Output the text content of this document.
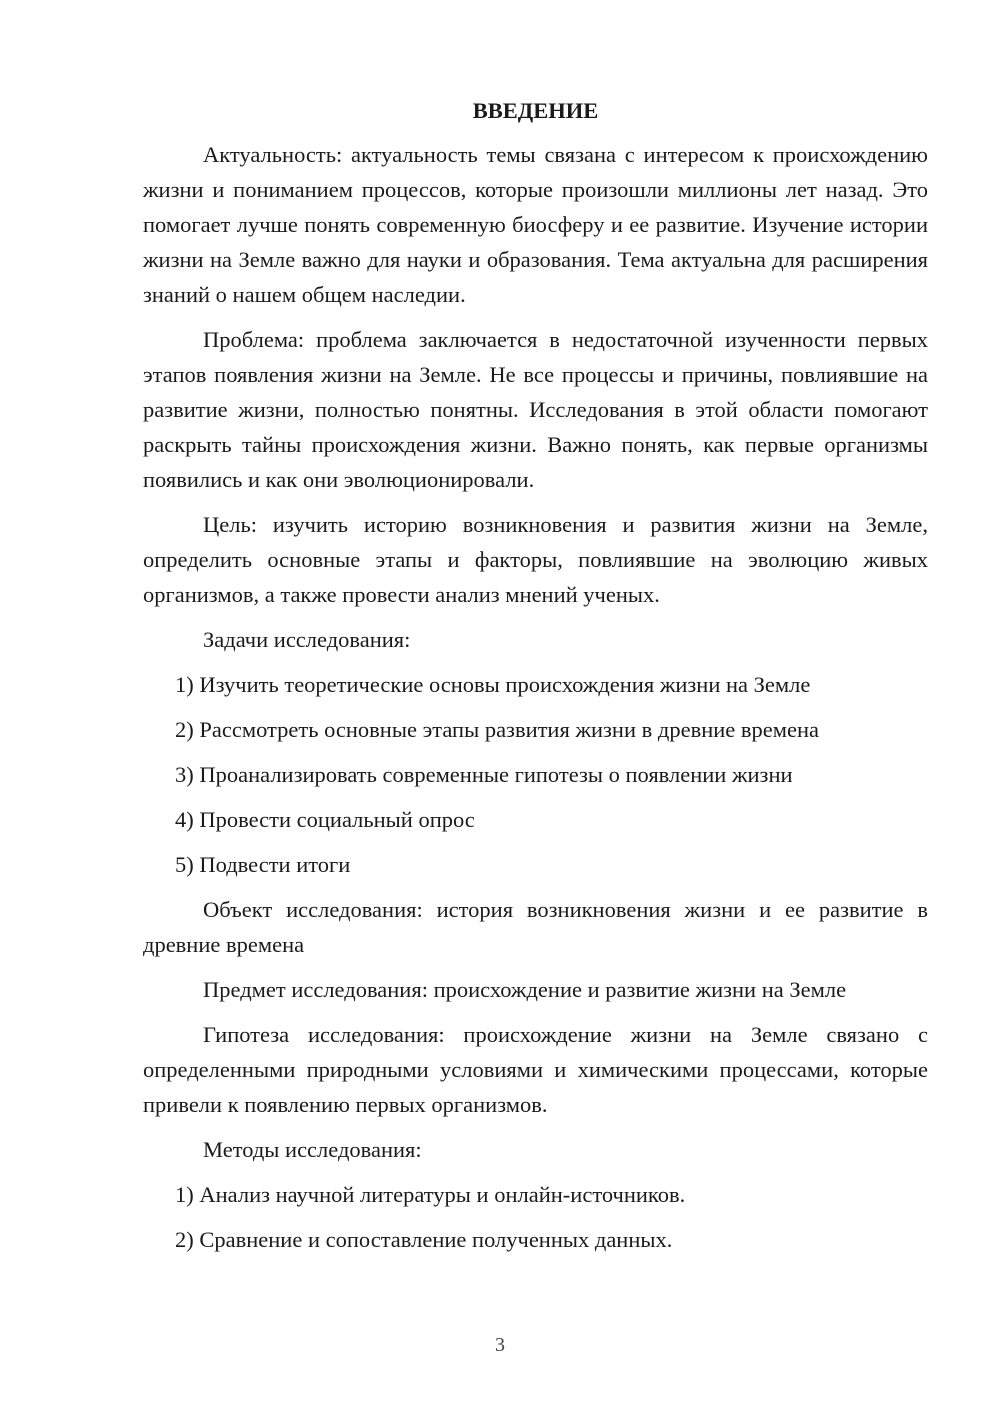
ВВЕДЕНИЕ

Актуальность: актуальность темы связана с интересом к происхождению жизни и пониманием процессов, которые произошли миллионы лет назад. Это помогает лучше понять современную биосферу и ее развитие. Изучение истории жизни на Земле важно для науки и образования. Тема актуальна для расширения знаний о нашем общем наследии.

Проблема: проблема заключается в недостаточной изученности первых этапов появления жизни на Земле. Не все процессы и причины, повлиявшие на развитие жизни, полностью понятны. Исследования в этой области помогают раскрыть тайны происхождения жизни. Важно понять, как первые организмы появились и как они эволюционировали.

Цель: изучить историю возникновения и развития жизни на Земле, определить основные этапы и факторы, повлиявшие на эволюцию живых организмов, а также провести анализ мнений ученых.

Задачи исследования:

1) Изучить теоретические основы происхождения жизни на Земле

2) Рассмотреть основные этапы развития жизни в древние времена

3) Проанализировать современные гипотезы о появлении жизни

4) Провести социальный опрос

5) Подвести итоги

Объект исследования: история возникновения жизни и ее развитие в древние времена

Предмет исследования: происхождение и развитие жизни на Земле

Гипотеза исследования: происхождение жизни на Земле связано с определенными природными условиями и химическими процессами, которые привели к появлению первых организмов.

Методы исследования:

1) Анализ научной литературы и онлайн-источников.

2) Сравнение и сопоставление полученных данных.

3
